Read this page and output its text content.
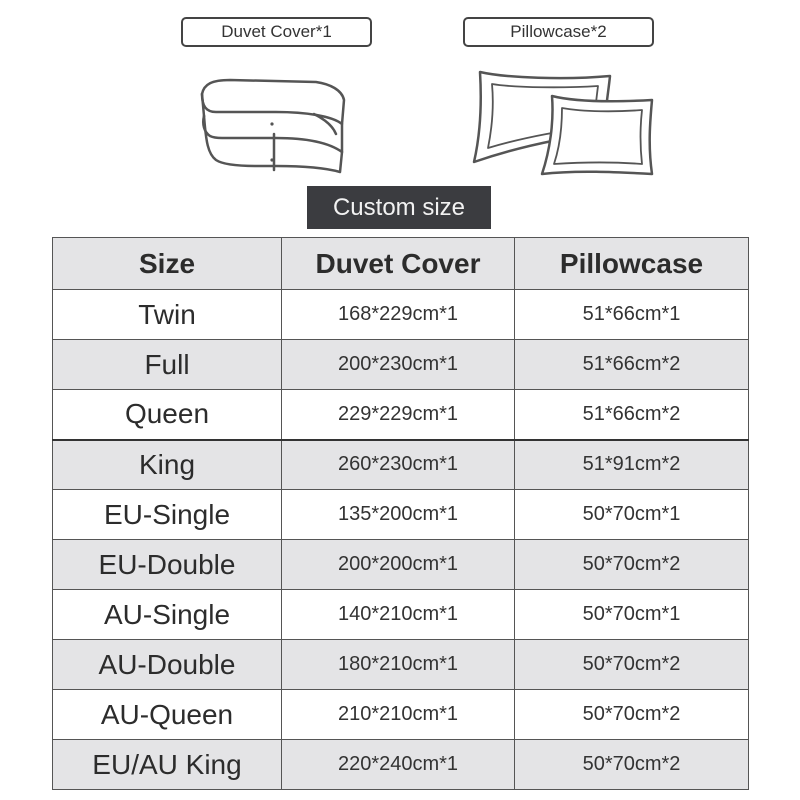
Duvet Cover*1	Pillowcase*2
Custom size
Size	Duvet Cover	Pillowcase
Twin	168*229cm*1	51*66cm*1
Full	200*230cm*1	51*66cm*2
Queen	229*229cm*1	51*66cm*2
King	260*230cm*1	51*91cm*2
EU-Single	135*200cm*1	50*70cm*1
EU-Double	200*200cm*1	50*70cm*2
AU-Single	140*210cm*1	50*70cm*1
AU-Double	180*210cm*1	50*70cm*2
AU-Queen	210*210cm*1	50*70cm*2
EU/AU King	220*240cm*1	50*70cm*2
